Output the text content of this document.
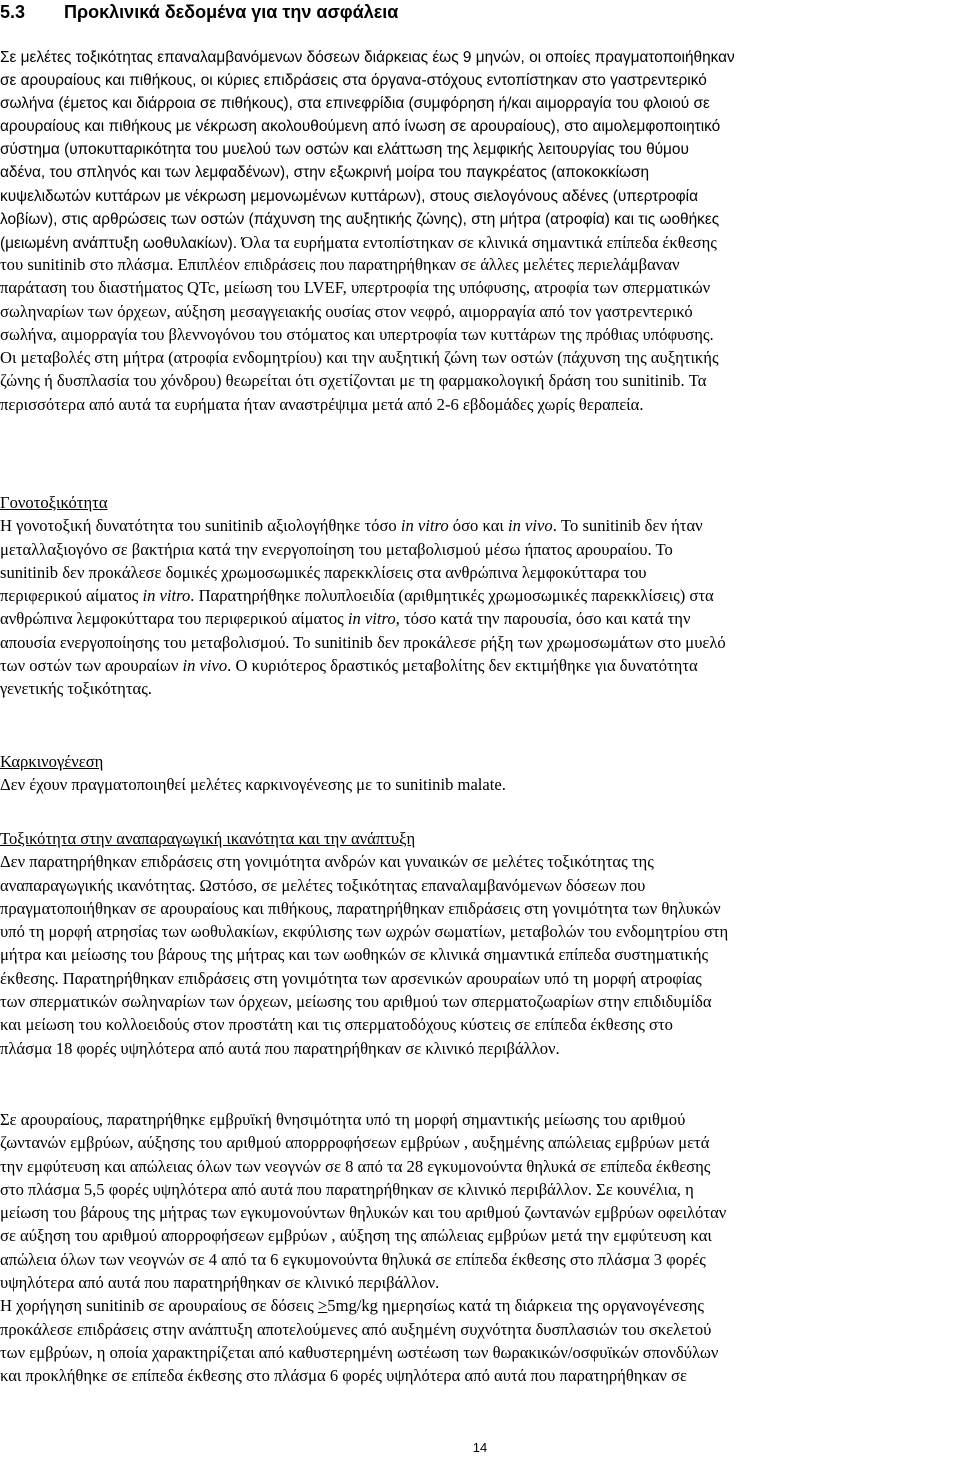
5.3 Προκλινικά δεδομένα για την ασφάλεια
Σε μελέτες τοξικότητας επαναλαμβανόμενων δόσεων διάρκειας έως 9 μηνών, οι οποίες πραγματοποιήθηκαν
σε αρουραίους και πιθήκους, οι κύριες επιδράσεις στα όργανα-στόχους εντοπίστηκαν στο γαστρεντερικό
σωλήνα (έμετος και διάρροια σε πιθήκους), στα επινεφρίδια (συμφόρηση ή/και αιμορραγία του φλοιού σε
αρουραίους και πιθήκους με νέκρωση ακολουθούμενη από ίνωση σε αρουραίους), στο αιμολεμφοποιητικό
σύστημα (υποκυτταρικότητα του μυελού των οστών και ελάττωση της λεμφικής λειτουργίας του θύμου
αδένα, του σπληνός και των λεμφαδένων), στην εξωκρινή μοίρα του παγκρέατος (αποκοκκίωση
κυψελιδωτών κυττάρων με νέκρωση μεμονωμένων κυττάρων), στους σιελογόνους αδένες (υπερτροφία
λοβίων), στις αρθρώσεις των οστών (πάχυνση της αυξητικής ζώνης), στη μήτρα (ατροφία) και τις ωοθήκες
(μειωμένη ανάπτυξη ωοθυλακίων). Όλα τα ευρήματα εντοπίστηκαν σε κλινικά σημαντικά επίπεδα έκθεσης
του sunitinib στο πλάσμα. Επιπλέον επιδράσεις που παρατηρήθηκαν σε άλλες μελέτες περιελάμβαναν
παράταση του διαστήματος QTc, μείωση του LVEF, υπερτροφία της υπόφυσης, ατροφία των σπερματικών
σωληναρίων των όρχεων, αύξηση μεσαγγειακής ουσίας στον νεφρό, αιμορραγία από τον γαστρεντερικό
σωλήνα, αιμορραγία του βλεννογόνου του στόματος και υπερτροφία των κυττάρων της πρόθιας υπόφυσης.
Οι μεταβολές στη μήτρα (ατροφία ενδομητρίου) και την αυξητική ζώνη των οστών (πάχυνση της αυξητικής
ζώνης ή δυσπλασία του χόνδρου) θεωρείται ότι σχετίζονται με τη φαρμακολογική δράση του sunitinib. Τα
περισσότερα από αυτά τα ευρήματα ήταν αναστρέψιμα μετά από 2-6 εβδομάδες χωρίς θεραπεία.
Γονοτοξικότητα
Η γονοτοξική δυνατότητα του sunitinib αξιολογήθηκε τόσο in vitro όσο και in vivo. Το sunitinib δεν ήταν
μεταλλαξιογόνο σε βακτήρια κατά την ενεργοποίηση του μεταβολισμού μέσω ήπατος αρουραίου. Το
sunitinib δεν προκάλεσε δομικές χρωμοσωμικές παρεκκλίσεις στα ανθρώπινα λεμφοκύτταρα του
περιφερικού αίματος in vitro. Παρατηρήθηκε πολυπλοειδία (αριθμητικές χρωμοσωμικές παρεκκλίσεις) στα
ανθρώπινα λεμφοκύτταρα του περιφερικού αίματος in vitro, τόσο κατά την παρουσία, όσο και κατά την
απουσία ενεργοποίησης του μεταβολισμού. Το sunitinib δεν προκάλεσε ρήξη των χρωμοσωμάτων στο μυελό
των οστών των αρουραίων in vivo. Ο κυριότερος δραστικός μεταβολίτης δεν εκτιμήθηκε για δυνατότητα
γενετικής τοξικότητας.
Καρκινογένεση
Δεν έχουν πραγματοποιηθεί μελέτες καρκινογένεσης με το sunitinib malate.
Τοξικότητα στην αναπαραγωγική ικανότητα και την ανάπτυξη
Δεν παρατηρήθηκαν επιδράσεις στη γονιμότητα ανδρών και γυναικών σε μελέτες τοξικότητας της
αναπαραγωγικής ικανότητας. Ωστόσο, σε μελέτες τοξικότητας επαναλαμβανόμενων δόσεων που
πραγματοποιήθηκαν σε αρουραίους και πιθήκους, παρατηρήθηκαν επιδράσεις στη γονιμότητα των θηλυκών
υπό τη μορφή ατρησίας των ωοθυλακίων, εκφύλισης των ωχρών σωματίων, μεταβολών του ενδομητρίου στη
μήτρα και μείωσης του βάρους της μήτρας και των ωοθηκών σε κλινικά σημαντικά επίπεδα συστηματικής
έκθεσης. Παρατηρήθηκαν επιδράσεις στη γονιμότητα των αρσενικών αρουραίων υπό τη μορφή ατροφίας
των σπερματικών σωληναρίων των όρχεων, μείωσης του αριθμού των σπερματοζωαρίων στην επιδιδυμίδα
και μείωση του κολλοειδούς στον προστάτη και τις σπερματοδόχους κύστεις σε επίπεδα έκθεσης στο
πλάσμα 18 φορές υψηλότερα από αυτά που παρατηρήθηκαν σε κλινικό περιβάλλον.
Σε αρουραίους, παρατηρήθηκε εμβρυϊκή θνησιμότητα υπό τη μορφή σημαντικής μείωσης του αριθμού
ζωντανών εμβρύων, αύξησης του αριθμού απορρροφήσεων εμβρύων , αυξημένης απώλειας εμβρύων μετά
την εμφύτευση και απώλειας όλων των νεογνών σε 8 από τα 28 εγκυμονούντα θηλυκά σε επίπεδα έκθεσης
στο πλάσμα 5,5 φορές υψηλότερα από αυτά που παρατηρήθηκαν σε κλινικό περιβάλλον. Σε κουνέλια, η
μείωση του βάρους της μήτρας των εγκυμονούντων θηλυκών και του αριθμού ζωντανών εμβρύων οφειλόταν
σε αύξηση του αριθμού απορροφήσεων εμβρύων , αύξηση της απώλειας εμβρύων μετά την εμφύτευση και
απώλεια όλων των νεογνών σε 4 από τα 6 εγκυμονούντα θηλυκά σε επίπεδα έκθεσης στο πλάσμα 3 φορές
υψηλότερα από αυτά που παρατηρήθηκαν σε κλινικό περιβάλλον.
Η χορήγηση sunitinib σε αρουραίους σε δόσεις >5mg/kg ημερησίως κατά τη διάρκεια της οργανογένεσης
προκάλεσε επιδράσεις στην ανάπτυξη αποτελούμενες από αυξημένη συχνότητα δυσπλασιών του σκελετού
των εμβρύων, η οποία χαρακτηρίζεται από καθυστερημένη ωστέωση των θωρακικών/οσφυϊκών σπονδύλων
και προκλήθηκε σε επίπεδα έκθεσης στο πλάσμα 6 φορές υψηλότερα από αυτά που παρατηρήθηκαν σε
14
